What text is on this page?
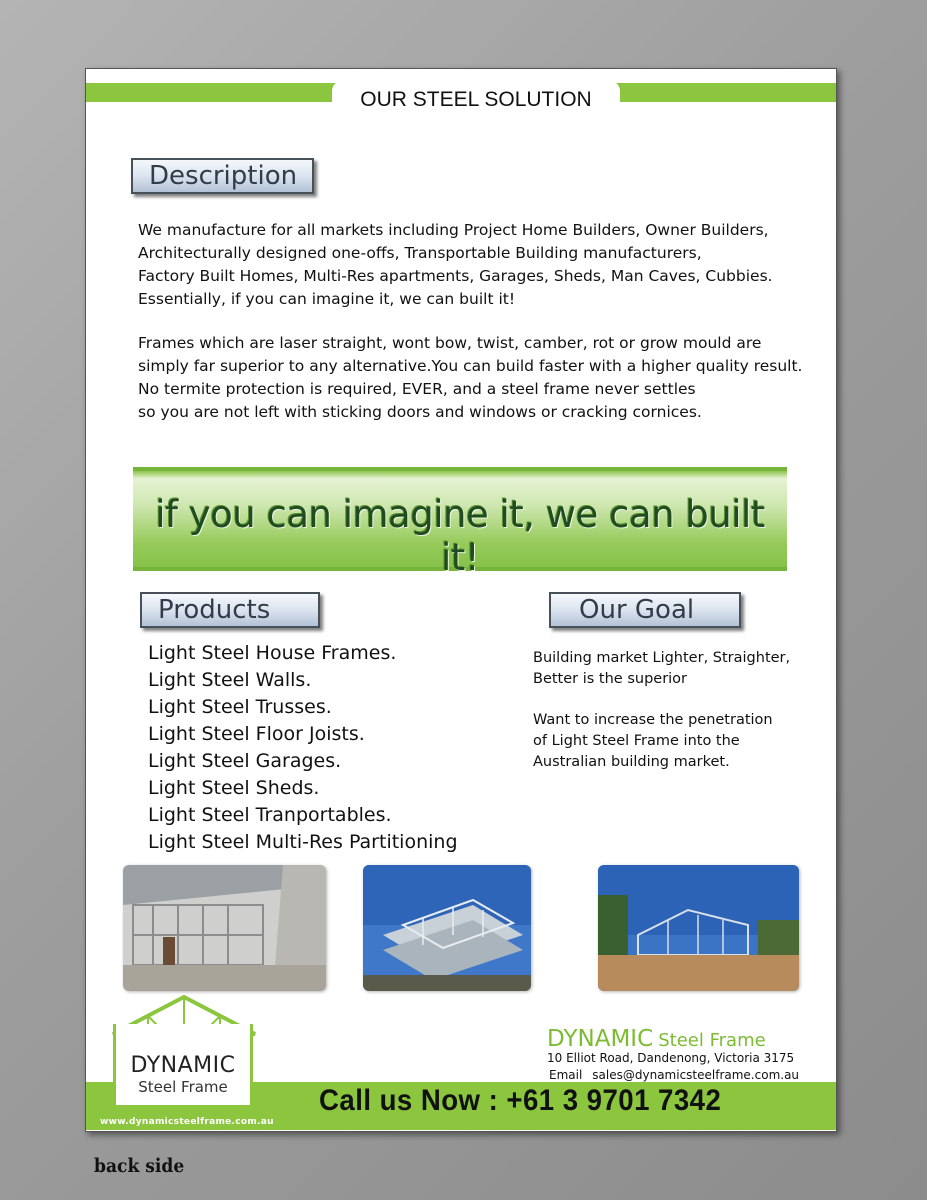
OUR STEEL SOLUTION
Description

We manufacture for all markets including Project Home Builders, Owner Builders,
Architecturally designed one-offs, Transportable Building manufacturers,
Factory Built Homes, Multi-Res apartments, Garages, Sheds, Man Caves, Cubbies.
Essentially, if you can imagine it, we can built it!

Frames which are laser straight, wont bow, twist, camber, rot or grow mould are
simply far superior to any alternative.You can build faster with a higher quality result.
No termite protection is required, EVER, and a steel frame never settles
so you are not left with sticking doors and windows or cracking cornices.

if you can imagine it, we can built it!
Products
Light Steel House Frames.
Light Steel Walls.
Light Steel Trusses.
Light Steel Floor Joists.
Light Steel Garages.
Light Steel Sheds.
Light Steel Tranportables.
Light Steel Multi-Res Partitioning
Our Goal

Building market Lighter, Straighter,
Better is the superior

Want to increase the penetration
of Light Steel Frame into the
Australian building market.

DYNAMIC
Steel Frame
www.dynamicsteelframe.com.au
DYNAMIC Steel Frame
10 Elliot Road, Dandenong, Victoria 3175
Email sales@dynamicsteelframe.com.au
Call us Now : +61 3 9701 7342
back side
